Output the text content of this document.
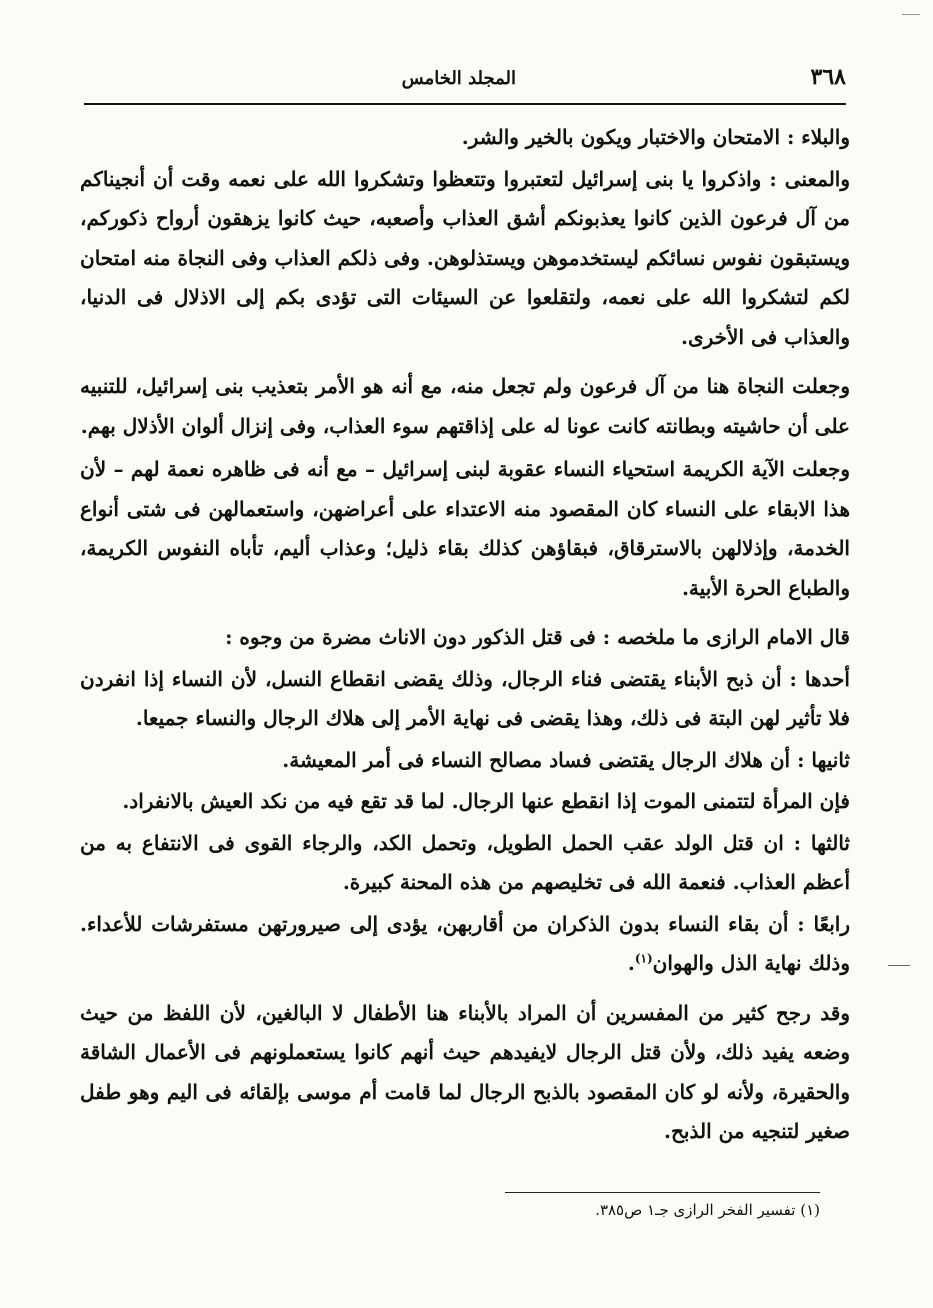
٣٦٨
المجلد الخامس

والبلاء : الامتحان والاختبار ويكون بالخير والشر.

والمعنى : واذكروا يا بنى إسرائيل لتعتبروا وتتعظوا وتشكروا الله على نعمه وقت أن أنجيناكم من آل فرعون الذين كانوا يعذبونكم أشق العذاب وأصعبه، حيث كانوا يزهقون أرواح ذكوركم، ويستبقون نفوس نسائكم ليستخدموهن ويستذلوهن. وفى ذلكم العذاب وفى النجاة منه امتحان لكم لتشكروا الله على نعمه، ولتقلعوا عن السيئات التى تؤدى بكم إلى الاذلال فى الدنيا، والعذاب فى الأخرى.

وجعلت النجاة هنا من آل فرعون ولم تجعل منه، مع أنه هو الأمر بتعذيب بنى إسرائيل، للتنبيه على أن حاشيته وبطانته كانت عونا له على إذاقتهم سوء العذاب، وفى إنزال ألوان الأذلال بهم.

وجعلت الآية الكريمة استحياء النساء عقوبة لبنى إسرائيل – مع أنه فى ظاهره نعمة لهم – لأن هذا الابقاء على النساء كان المقصود منه الاعتداء على أعراضهن، واستعمالهن فى شتى أنواع الخدمة، وإذلالهن بالاسترقاق، فبقاؤهن كذلك بقاء ذليل؛ وعذاب أليم، تأباه النفوس الكريمة، والطباع الحرة الأبية.

قال الامام الرازى ما ملخصه : فى قتل الذكور دون الاناث مضرة من وجوه :

أحدها : أن ذبح الأبناء يقتضى فناء الرجال، وذلك يقضى انقطاع النسل، لأن النساء إذا انفردن فلا تأثير لهن البتة فى ذلك، وهذا يقضى فى نهاية الأمر إلى هلاك الرجال والنساء جميعا.

ثانيها : أن هلاك الرجال يقتضى فساد مصالح النساء فى أمر المعيشة.

فإن المرأة لتتمنى الموت إذا انقطع عنها الرجال. لما قد تقع فيه من نكد العيش بالانفراد.

ثالثها : ان قتل الولد عقب الحمل الطويل، وتحمل الكد، والرجاء القوى فى الانتفاع به من أعظم العذاب. فنعمة الله فى تخليصهم من هذه المحنة كبيرة.

رابعًا : أن بقاء النساء بدون الذكران من أقاربهن، يؤدى إلى صيرورتهن مستفرشات للأعداء. وذلك نهاية الذل والهوان$^{(١)}$.

وقد رجح كثير من المفسرين أن المراد بالأبناء هنا الأطفال لا البالغين، لأن اللفظ من حيث وضعه يفيد ذلك، ولأن قتل الرجال لايفيدهم حيث أنهم كانوا يستعملونهم فى الأعمال الشاقة والحقيرة، ولأنه لو كان المقصود بالذبح الرجال لما قامت أم موسى بإلقائه فى اليم وهو طفل صغير لتنجيه من الذبح.

(١) تفسير الفخر الرازى جـ١ ص٣٨٥.
